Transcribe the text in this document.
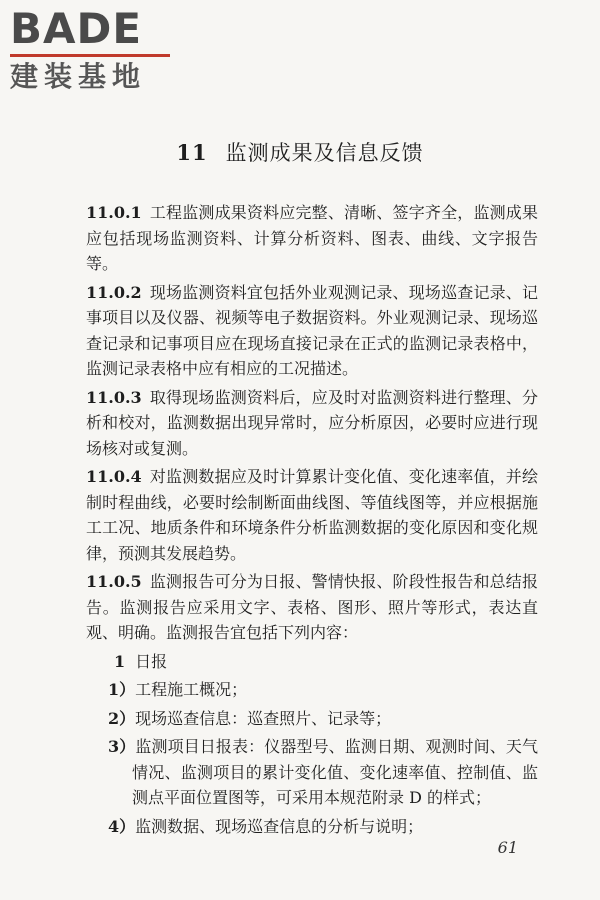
BADE
建装基地
11 监测成果及信息反馈

11.0.1 工程监测成果资料应完整、清晰、签字齐全，监测成果应包括现场监测资料、计算分析资料、图表、曲线、文字报告等。

11.0.2 现场监测资料宜包括外业观测记录、现场巡查记录、记事项目以及仪器、视频等电子数据资料。外业观测记录、现场巡查记录和记事项目应在现场直接记录在正式的监测记录表格中，监测记录表格中应有相应的工况描述。

11.0.3 取得现场监测资料后，应及时对监测资料进行整理、分析和校对，监测数据出现异常时，应分析原因，必要时应进行现场核对或复测。

11.0.4 对监测数据应及时计算累计变化值、变化速率值，并绘制时程曲线，必要时绘制断面曲线图、等值线图等，并应根据施工工况、地质条件和环境条件分析监测数据的变化原因和变化规律，预测其发展趋势。

11.0.5 监测报告可分为日报、警情快报、阶段性报告和总结报告。监测报告应采用文字、表格、图形、照片等形式，表达直观、明确。监测报告宜包括下列内容：

1 日报

1）工程施工概况；

2）现场巡查信息：巡查照片、记录等；

3）监测项目日报表：仪器型号、监测日期、观测时间、天气情况、监测项目的累计变化值、变化速率值、控制值、监测点平面位置图等，可采用本规范附录 D 的样式；

4）监测数据、现场巡查信息的分析与说明；

61
